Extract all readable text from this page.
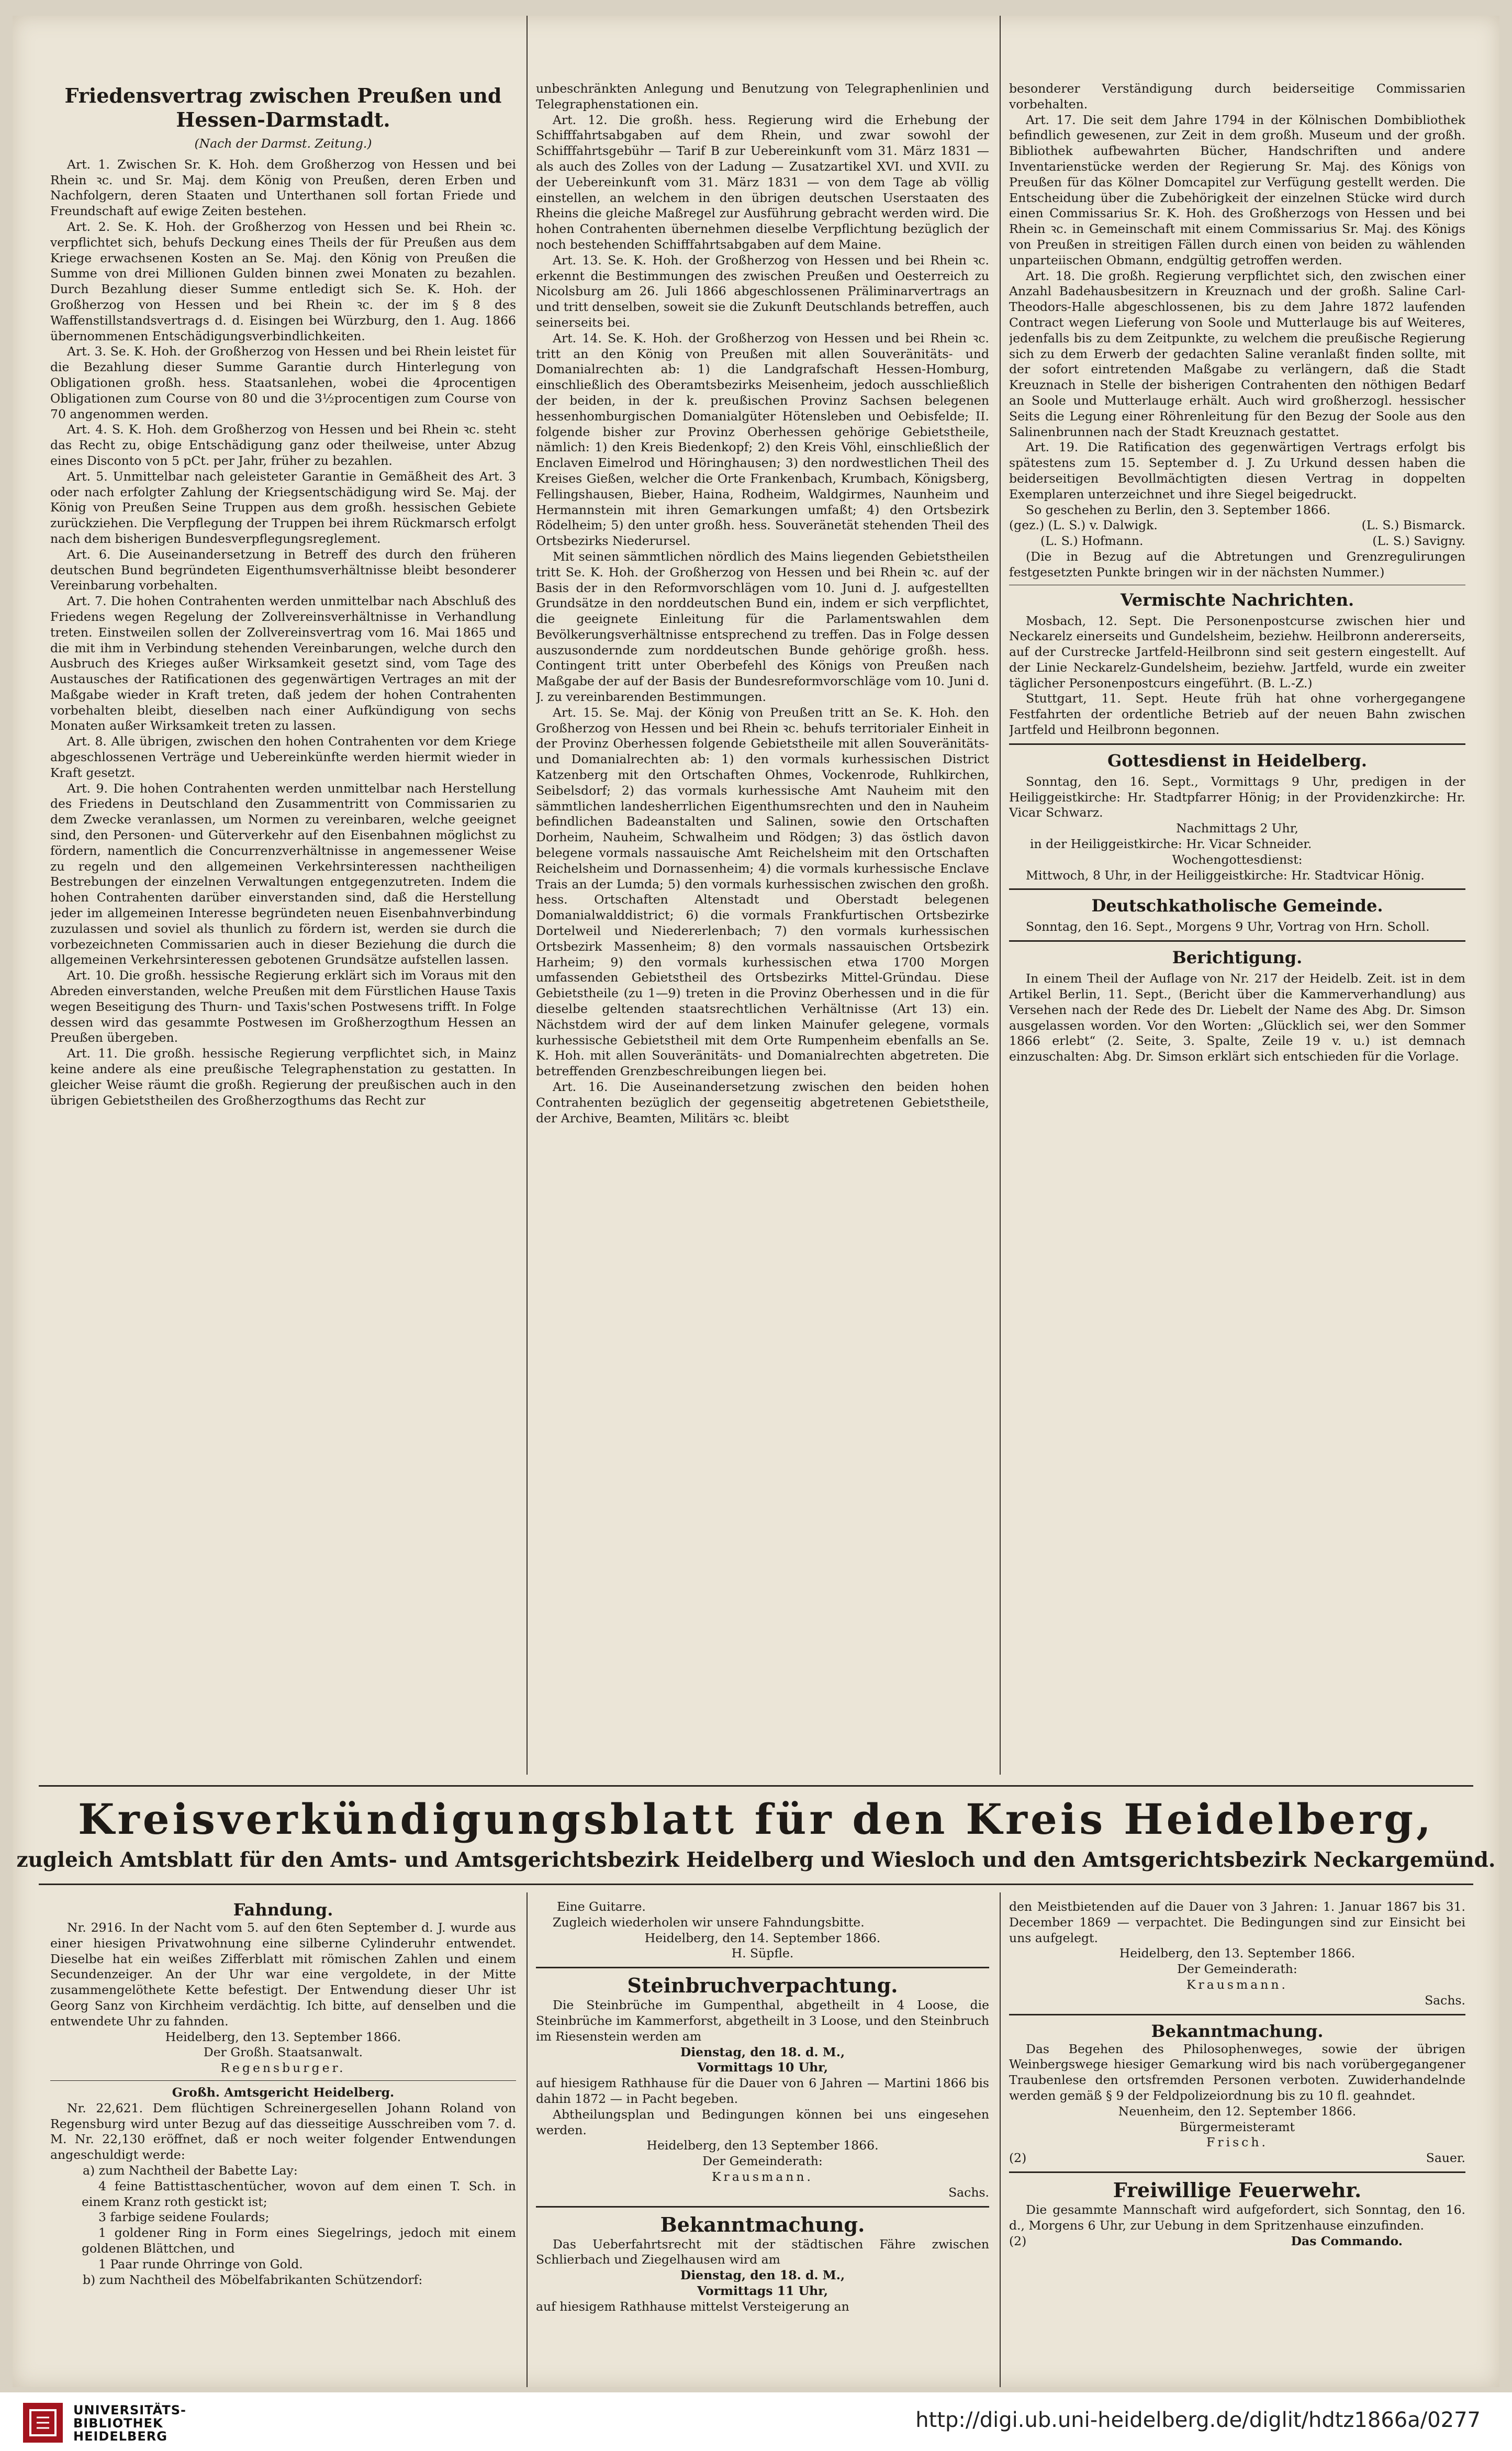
Friedensvertrag zwischen Preußen und Hessen-Darmstadt.
(Nach der Darmst. Zeitung.)

Art. 1. Zwischen Sr. K. Hoh. dem Großherzog von Hessen und bei Rhein ꝛc. und Sr. Maj. dem König von Preußen, deren Erben und Nachfolgern, deren Staaten und Unterthanen soll fortan Friede und Freundschaft auf ewige Zeiten bestehen.

Art. 2. Se. K. Hoh. der Großherzog von Hessen und bei Rhein ꝛc. verpflichtet sich, behufs Deckung eines Theils der für Preußen aus dem Kriege erwachsenen Kosten an Se. Maj. den König von Preußen die Summe von drei Millionen Gulden binnen zwei Monaten zu bezahlen. Durch Bezahlung dieser Summe entledigt sich Se. K. Hoh. der Großherzog von Hessen und bei Rhein ꝛc. der im § 8 des Waffenstillstandsvertrags d. d. Eisingen bei Würzburg, den 1. Aug. 1866 übernommenen Entschädigungsverbindlichkeiten.

Art. 3. Se. K. Hoh. der Großherzog von Hessen und bei Rhein leistet für die Bezahlung dieser Summe Garantie durch Hinterlegung von Obligationen großh. hess. Staatsanlehen, wobei die 4procentigen Obligationen zum Course von 80 und die 3½procentigen zum Course von 70 angenommen werden.

Art. 4. S. K. Hoh. dem Großherzog von Hessen und bei Rhein ꝛc. steht das Recht zu, obige Entschädigung ganz oder theilweise, unter Abzug eines Disconto von 5 pCt. per Jahr, früher zu bezahlen.

Art. 5. Unmittelbar nach geleisteter Garantie in Gemäßheit des Art. 3 oder nach erfolgter Zahlung der Kriegsentschädigung wird Se. Maj. der König von Preußen Seine Truppen aus dem großh. hessischen Gebiete zurückziehen. Die Verpflegung der Truppen bei ihrem Rückmarsch erfolgt nach dem bisherigen Bundesverpflegungsreglement.

Art. 6. Die Auseinandersetzung in Betreff des durch den früheren deutschen Bund begründeten Eigenthumsverhältnisse bleibt besonderer Vereinbarung vorbehalten.

Art. 7. Die hohen Contrahenten werden unmittelbar nach Abschluß des Friedens wegen Regelung der Zollvereinsverhältnisse in Verhandlung treten. Einstweilen sollen der Zollvereinsvertrag vom 16. Mai 1865 und die mit ihm in Verbindung stehenden Vereinbarungen, welche durch den Ausbruch des Krieges außer Wirksamkeit gesetzt sind, vom Tage des Austausches der Ratificationen des gegenwärtigen Vertrages an mit der Maßgabe wieder in Kraft treten, daß jedem der hohen Contrahenten vorbehalten bleibt, dieselben nach einer Aufkündigung von sechs Monaten außer Wirksamkeit treten zu lassen.

Art. 8. Alle übrigen, zwischen den hohen Contrahenten vor dem Kriege abgeschlossenen Verträge und Uebereinkünfte werden hiermit wieder in Kraft gesetzt.

Art. 9. Die hohen Contrahenten werden unmittelbar nach Herstellung des Friedens in Deutschland den Zusammentritt von Commissarien zu dem Zwecke veranlassen, um Normen zu vereinbaren, welche geeignet sind, den Personen- und Güterverkehr auf den Eisenbahnen möglichst zu fördern, namentlich die Concurrenzverhältnisse in angemessener Weise zu regeln und den allgemeinen Verkehrsinteressen nachtheiligen Bestrebungen der einzelnen Verwaltungen entgegenzutreten. Indem die hohen Contrahenten darüber einverstanden sind, daß die Herstellung jeder im allgemeinen Interesse begründeten neuen Eisenbahnverbindung zuzulassen und soviel als thunlich zu fördern ist, werden sie durch die vorbezeichneten Commissarien auch in dieser Beziehung die durch die allgemeinen Verkehrsinteressen gebotenen Grundsätze aufstellen lassen.

Art. 10. Die großh. hessische Regierung erklärt sich im Voraus mit den Abreden einverstanden, welche Preußen mit dem Fürstlichen Hause Taxis wegen Beseitigung des Thurn- und Taxis'schen Postwesens trifft. In Folge dessen wird das gesammte Postwesen im Großherzogthum Hessen an Preußen übergeben.

Art. 11. Die großh. hessische Regierung verpflichtet sich, in Mainz keine andere als eine preußische Telegraphenstation zu gestatten. In gleicher Weise räumt die großh. Regierung der preußischen auch in den übrigen Gebietstheilen des Großherzogthums das Recht zur

unbeschränkten Anlegung und Benutzung von Telegraphenlinien und Telegraphenstationen ein.

Art. 12. Die großh. hess. Regierung wird die Erhebung der Schifffahrtsabgaben auf dem Rhein, und zwar sowohl der Schifffahrtsgebühr — Tarif B zur Uebereinkunft vom 31. März 1831 — als auch des Zolles von der Ladung — Zusatzartikel XVI. und XVII. zu der Uebereinkunft vom 31. März 1831 — von dem Tage ab völlig einstellen, an welchem in den übrigen deutschen Userstaaten des Rheins die gleiche Maßregel zur Ausführung gebracht werden wird. Die hohen Contrahenten übernehmen dieselbe Verpflichtung bezüglich der noch bestehenden Schifffahrtsabgaben auf dem Maine.

Art. 13. Se. K. Hoh. der Großherzog von Hessen und bei Rhein ꝛc. erkennt die Bestimmungen des zwischen Preußen und Oesterreich zu Nicolsburg am 26. Juli 1866 abgeschlossenen Präliminarvertrags an und tritt denselben, soweit sie die Zukunft Deutschlands betreffen, auch seinerseits bei.

Art. 14. Se. K. Hoh. der Großherzog von Hessen und bei Rhein ꝛc. tritt an den König von Preußen mit allen Souveränitäts- und Domanialrechten ab: 1) die Landgrafschaft Hessen-Homburg, einschließlich des Oberamtsbezirks Meisenheim, jedoch ausschließlich der beiden, in der k. preußischen Provinz Sachsen belegenen hessenhomburgischen Domanialgüter Hötensleben und Oebisfelde; II. folgende bisher zur Provinz Oberhessen gehörige Gebietstheile, nämlich: 1) den Kreis Biedenkopf; 2) den Kreis Vöhl, einschließlich der Enclaven Eimelrod und Höringhausen; 3) den nordwestlichen Theil des Kreises Gießen, welcher die Orte Frankenbach, Krumbach, Königsberg, Fellingshausen, Bieber, Haina, Rodheim, Waldgirmes, Naunheim und Hermannstein mit ihren Gemarkungen umfaßt; 4) den Ortsbezirk Rödelheim; 5) den unter großh. hess. Souveränetät stehenden Theil des Ortsbezirks Niederursel.

Mit seinen sämmtlichen nördlich des Mains liegenden Gebietstheilen tritt Se. K. Hoh. der Großherzog von Hessen und bei Rhein ꝛc. auf der Basis der in den Reformvorschlägen vom 10. Juni d. J. aufgestellten Grundsätze in den norddeutschen Bund ein, indem er sich verpflichtet, die geeignete Einleitung für die Parlamentswahlen dem Bevölkerungsverhältnisse entsprechend zu treffen. Das in Folge dessen auszusondernde zum norddeutschen Bunde gehörige großh. hess. Contingent tritt unter Oberbefehl des Königs von Preußen nach Maßgabe der auf der Basis der Bundesreformvorschläge vom 10. Juni d. J. zu vereinbarenden Bestimmungen.

Art. 15. Se. Maj. der König von Preußen tritt an Se. K. Hoh. den Großherzog von Hessen und bei Rhein ꝛc. behufs territorialer Einheit in der Provinz Oberhessen folgende Gebietstheile mit allen Souveränitäts- und Domanialrechten ab: 1) den vormals kurhessischen District Katzenberg mit den Ortschaften Ohmes, Vockenrode, Ruhlkirchen, Seibelsdorf; 2) das vormals kurhessische Amt Nauheim mit den sämmtlichen landesherrlichen Eigenthumsrechten und den in Nauheim befindlichen Badeanstalten und Salinen, sowie den Ortschaften Dorheim, Nauheim, Schwalheim und Rödgen; 3) das östlich davon belegene vormals nassauische Amt Reichelsheim mit den Ortschaften Reichelsheim und Dornassenheim; 4) die vormals kurhessische Enclave Trais an der Lumda; 5) den vormals kurhessischen zwischen den großh. hess. Ortschaften Altenstadt und Oberstadt belegenen Domanialwalddistrict; 6) die vormals Frankfurtischen Ortsbezirke Dortelweil und Niedererlenbach; 7) den vormals kurhessischen Ortsbezirk Massenheim; 8) den vormals nassauischen Ortsbezirk Harheim; 9) den vormals kurhessischen etwa 1700 Morgen umfassenden Gebietstheil des Ortsbezirks Mittel-Gründau. Diese Gebietstheile (zu 1—9) treten in die Provinz Oberhessen und in die für dieselbe geltenden staatsrechtlichen Verhältnisse (Art 13) ein. Nächstdem wird der auf dem linken Mainufer gelegene, vormals kurhessische Gebietstheil mit dem Orte Rumpenheim ebenfalls an Se. K. Hoh. mit allen Souveränitäts- und Domanialrechten abgetreten. Die betreffenden Grenzbeschreibungen liegen bei.

Art. 16. Die Auseinandersetzung zwischen den beiden hohen Contrahenten bezüglich der gegenseitig abgetretenen Gebietstheile, der Archive, Beamten, Militärs ꝛc. bleibt

besonderer Verständigung durch beiderseitige Commissarien vorbehalten.

Art. 17. Die seit dem Jahre 1794 in der Kölnischen Dombibliothek befindlich gewesenen, zur Zeit in dem großh. Museum und der großh. Bibliothek aufbewahrten Bücher, Handschriften und andere Inventarienstücke werden der Regierung Sr. Maj. des Königs von Preußen für das Kölner Domcapitel zur Verfügung gestellt werden. Die Entscheidung über die Zubehörigkeit der einzelnen Stücke wird durch einen Commissarius Sr. K. Hoh. des Großherzogs von Hessen und bei Rhein ꝛc. in Gemeinschaft mit einem Commissarius Sr. Maj. des Königs von Preußen in streitigen Fällen durch einen von beiden zu wählenden unparteiischen Obmann, endgültig getroffen werden.

Art. 18. Die großh. Regierung verpflichtet sich, den zwischen einer Anzahl Badehausbesitzern in Kreuznach und der großh. Saline Carl-Theodors-Halle abgeschlossenen, bis zu dem Jahre 1872 laufenden Contract wegen Lieferung von Soole und Mutterlauge bis auf Weiteres, jedenfalls bis zu dem Zeitpunkte, zu welchem die preußische Regierung sich zu dem Erwerb der gedachten Saline veranlaßt finden sollte, mit der sofort eintretenden Maßgabe zu verlängern, daß die Stadt Kreuznach in Stelle der bisherigen Contrahenten den nöthigen Bedarf an Soole und Mutterlauge erhält. Auch wird großherzogl. hessischer Seits die Legung einer Röhrenleitung für den Bezug der Soole aus den Salinenbrunnen nach der Stadt Kreuznach gestattet.

Art. 19. Die Ratification des gegenwärtigen Vertrags erfolgt bis spätestens zum 15. September d. J. Zu Urkund dessen haben die beiderseitigen Bevollmächtigten diesen Vertrag in doppelten Exemplaren unterzeichnet und ihre Siegel beigedruckt.

So geschehen zu Berlin, den 3. September 1866.

(gez.) (L. S.) v. Dalwigk.	(L. S.) Bismarck.
(L. S.) Hofmann.	(L. S.) Savigny.

(Die in Bezug auf die Abtretungen und Grenzregulirungen festgesetzten Punkte bringen wir in der nächsten Nummer.)

Vermischte Nachrichten.

Mosbach, 12. Sept. Die Personenpostcurse zwischen hier und Neckarelz einerseits und Gundelsheim, beziehw. Heilbronn andererseits, auf der Curstrecke Jartfeld-Heilbronn sind seit gestern eingestellt. Auf der Linie Neckarelz-Gundelsheim, beziehw. Jartfeld, wurde ein zweiter täglicher Personenpostcurs eingeführt. (B. L.-Z.)

Stuttgart, 11. Sept. Heute früh hat ohne vorhergegangene Festfahrten der ordentliche Betrieb auf der neuen Bahn zwischen Jartfeld und Heilbronn begonnen.

Gottesdienst in Heidelberg.

Sonntag, den 16. Sept., Vormittags 9 Uhr, predigen in der Heiliggeistkirche: Hr. Stadtpfarrer Hönig; in der Providenzkirche: Hr. Vicar Schwarz.

Nachmittags 2 Uhr,

in der Heiliggeistkirche: Hr. Vicar Schneider.

Wochengottesdienst:

Mittwoch, 8 Uhr, in der Heiliggeistkirche: Hr. Stadtvicar Hönig.

Deutschkatholische Gemeinde.

Sonntag, den 16. Sept., Morgens 9 Uhr, Vortrag von Hrn. Scholl.

Berichtigung.

In einem Theil der Auflage von Nr. 217 der Heidelb. Zeit. ist in dem Artikel Berlin, 11. Sept., (Bericht über die Kammerverhandlung) aus Versehen nach der Rede des Dr. Liebelt der Name des Abg. Dr. Simson ausgelassen worden. Vor den Worten: „Glücklich sei, wer den Sommer 1866 erlebt“ (2. Seite, 3. Spalte, Zeile 19 v. u.) ist demnach einzuschalten: Abg. Dr. Simson erklärt sich entschieden für die Vorlage.

Kreisverkündigungsblatt für den Kreis Heidelberg,
zugleich Amtsblatt für den Amts- und Amtsgerichtsbezirk Heidelberg und Wiesloch und den Amtsgerichtsbezirk Neckargemünd.
Fahndung.

Nr. 2916. In der Nacht vom 5. auf den 6ten September d. J. wurde aus einer hiesigen Privatwohnung eine silberne Cylinderuhr entwendet. Dieselbe hat ein weißes Zifferblatt mit römischen Zahlen und einem Secundenzeiger. An der Uhr war eine vergoldete, in der Mitte zusammengelöthete Kette befestigt. Der Entwendung dieser Uhr ist Georg Sanz von Kirchheim verdächtig. Ich bitte, auf denselben und die entwendete Uhr zu fahnden.

Heidelberg, den 13. September 1866.
Der Großh. Staatsanwalt.
Regensburger.
Großh. Amtsgericht Heidelberg.

Nr. 22,621. Dem flüchtigen Schreinergesellen Johann Roland von Regensburg wird unter Bezug auf das diesseitige Ausschreiben vom 7. d. M. Nr. 22,130 eröffnet, daß er noch weiter folgender Entwendungen angeschuldigt werde:

a) zum Nachtheil der Babette Lay:

4 feine Battisttaschentücher, wovon auf dem einen T. Sch. in einem Kranz roth gestickt ist;

3 farbige seidene Foulards;

1 goldener Ring in Form eines Siegelrings, jedoch mit einem goldenen Blättchen, und

1 Paar runde Ohrringe von Gold.

b) zum Nachtheil des Möbelfabrikanten Schützendorf:

Eine Guitarre.

Zugleich wiederholen wir unsere Fahndungsbitte.

Heidelberg, den 14. September 1866.
H. Süpfle.
Steinbruchverpachtung.

Die Steinbrüche im Gumpenthal, abgetheilt in 4 Loose, die Steinbrüche im Kammerforst, abgetheilt in 3 Loose, und den Steinbruch im Riesenstein werden am

Dienstag, den 18. d. M.,
Vormittags 10 Uhr,

auf hiesigem Rathhause für die Dauer von 6 Jahren — Martini 1866 bis dahin 1872 — in Pacht begeben.

Abtheilungsplan und Bedingungen können bei uns eingesehen werden.

Heidelberg, den 13 September 1866.
Der Gemeinderath:
Krausmann.
Sachs.
Bekanntmachung.

Das Ueberfahrtsrecht mit der städtischen Fähre zwischen Schlierbach und Ziegelhausen wird am

Dienstag, den 18. d. M.,
Vormittags 11 Uhr,

auf hiesigem Rathhause mittelst Versteigerung an

den Meistbietenden auf die Dauer von 3 Jahren: 1. Januar 1867 bis 31. December 1869 — verpachtet. Die Bedingungen sind zur Einsicht bei uns aufgelegt.

Heidelberg, den 13. September 1866.
Der Gemeinderath:
Krausmann.
Sachs.
Bekanntmachung.

Das Begehen des Philosophenweges, sowie der übrigen Weinbergswege hiesiger Gemarkung wird bis nach vorübergegangener Traubenlese den ortsfremden Personen verboten. Zuwiderhandelnde werden gemäß § 9 der Feldpolizeiordnung bis zu 10 fl. geahndet.

Neuenheim, den 12. September 1866.
Bürgermeisteramt
Frisch.
(2)	Sauer.
Freiwillige Feuerwehr.

Die gesammte Mannschaft wird aufgefordert, sich Sonntag, den 16. d., Morgens 6 Uhr, zur Uebung in dem Spritzenhause einzufinden.

(2)	Das Commando.
UNIVERSITÄTS-
BIBLIOTHEK
HEIDELBERG
http://digi.ub.uni-heidelberg.de/diglit/hdtz1866a/0277
